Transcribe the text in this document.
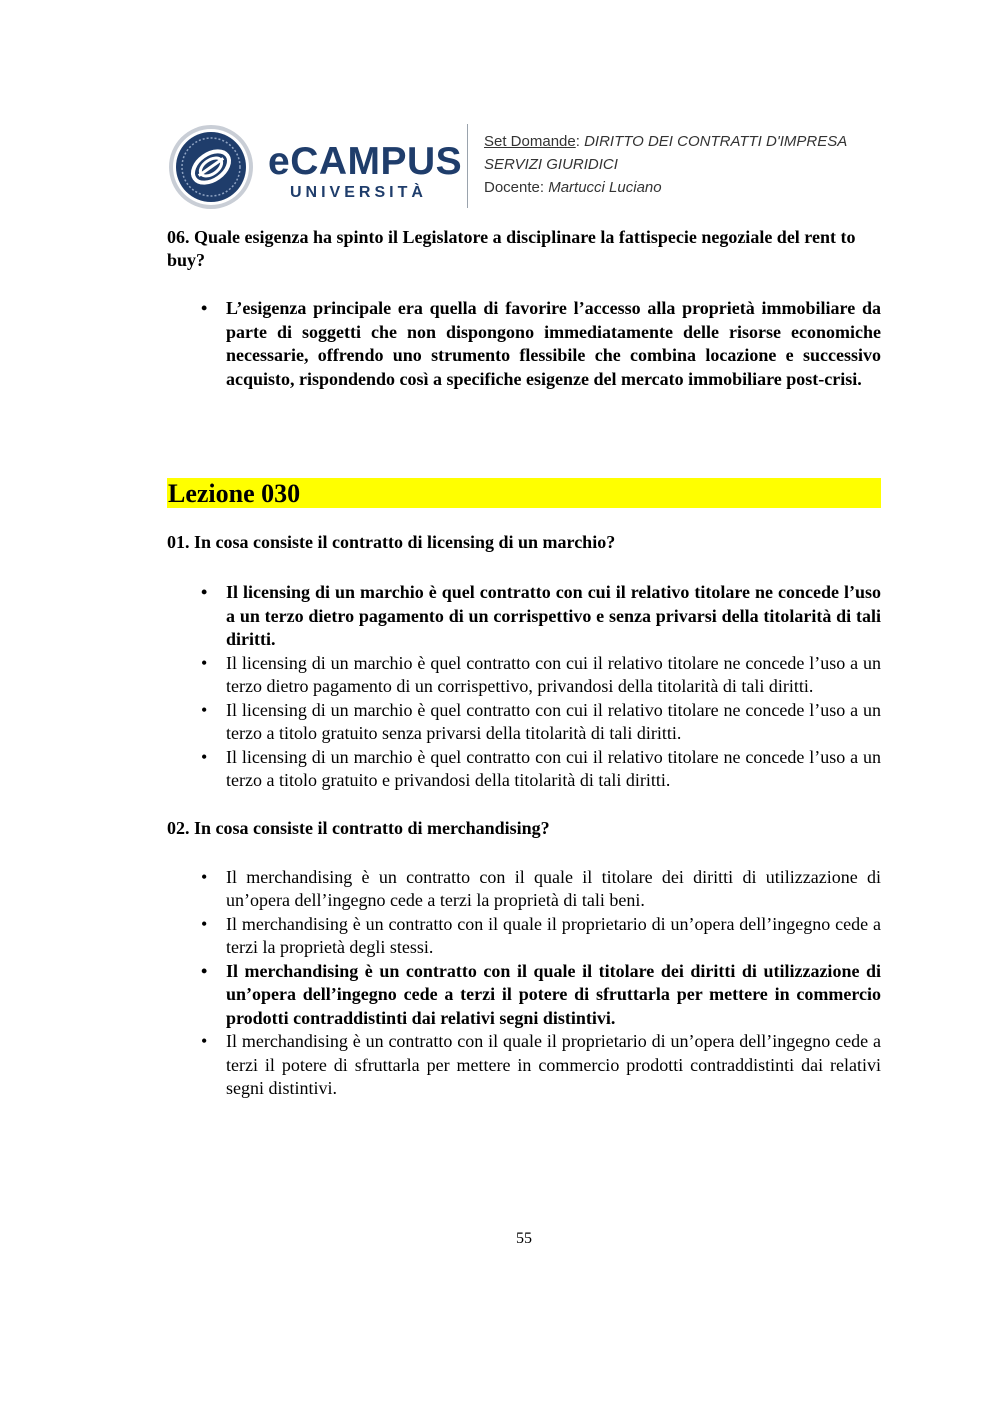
eCAMPUS
UNIVERSITÀ
Set Domande: DIRITTO DEI CONTRATTI D'IMPRESA
SERVIZI GIURIDICI
Docente: Martucci Luciano

06. Quale esigenza ha spinto il Legislatore a disciplinare la fattispecie negoziale del rent to buy?

• L’esigenza principale era quella di favorire l’accesso alla proprietà immobiliare da parte di soggetti che non dispongono immediatamente delle risorse economiche necessarie, offrendo uno strumento flessibile che combina locazione e successivo acquisto, rispondendo così a specifiche esigenze del mercato immobiliare post-crisi.
Lezione 030

01. In cosa consiste il contratto di licensing di un marchio?

• Il licensing di un marchio è quel contratto con cui il relativo titolare ne concede l’uso a un terzo dietro pagamento di un corrispettivo e senza privarsi della titolarità di tali diritti.
• Il licensing di un marchio è quel contratto con cui il relativo titolare ne concede l’uso a un terzo dietro pagamento di un corrispettivo, privandosi della titolarità di tali diritti.
• Il licensing di un marchio è quel contratto con cui il relativo titolare ne concede l’uso a un terzo a titolo gratuito senza privarsi della titolarità di tali diritti.
• Il licensing di un marchio è quel contratto con cui il relativo titolare ne concede l’uso a un terzo a titolo gratuito e privandosi della titolarità di tali diritti.

02. In cosa consiste il contratto di merchandising?

• Il merchandising è un contratto con il quale il titolare dei diritti di utilizzazione di un’opera dell’ingegno cede a terzi la proprietà di tali beni.
• Il merchandising è un contratto con il quale il proprietario di un’opera dell’ingegno cede a terzi la proprietà degli stessi.
• Il merchandising è un contratto con il quale il titolare dei diritti di utilizzazione di un’opera dell’ingegno cede a terzi il potere di sfruttarla per mettere in commercio prodotti contraddistinti dai relativi segni distintivi.
• Il merchandising è un contratto con il quale il proprietario di un’opera dell’ingegno cede a terzi il potere di sfruttarla per mettere in commercio prodotti contraddistinti dai relativi segni distintivi.
55
